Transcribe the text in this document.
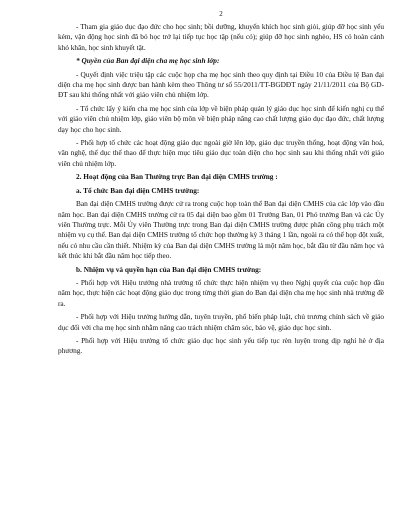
2

- Tham gia giáo dục đạo đức cho học sinh; bồi dưỡng, khuyến khích học sinh giỏi, giúp đỡ học sinh yếu kém, vận động học sinh đã bỏ học trở lại tiếp tục học tập (nếu có); giúp đỡ học sinh nghèo, HS có hoàn cảnh khó khăn, học sinh khuyết tật.

* Quyền của Ban đại diện cha mẹ học sinh lớp:

- Quyết định việc triệu tập các cuộc họp cha mẹ học sinh theo quy định tại Điều 10 của Điều lệ Ban đại diện cha mẹ học sinh được ban hành kèm theo Thông tư số 55/2011/TT-BGDĐT ngày 21/11/2011 của Bộ GD-ĐT sau khi thống nhất với giáo viên chủ nhiệm lớp.

- Tổ chức lấy ý kiến cha mẹ học sinh của lớp về biện pháp quản lý giáo dục học sinh để kiến nghị cụ thể với giáo viên chủ nhiệm lớp, giáo viên bộ môn về biện pháp nâng cao chất lượng giáo dục đạo đức, chất lượng dạy học cho học sinh.

- Phối hợp tổ chức các hoạt động giáo dục ngoài giờ lên lớp, giáo dục truyền thống, hoạt động văn hoá, văn nghệ, thể dục thể thao để thực hiện mục tiêu giáo dục toàn diện cho học sinh sau khi thống nhất với giáo viên chủ nhiệm lớp.

2. Hoạt động của Ban Thường trực Ban đại diện CMHS trường :

a. Tổ chức Ban đại diện CMHS trường:

Ban đại diện CMHS trường được cử ra trong cuộc họp toàn thể Ban đại diện CMHS của các lớp vào đầu năm học. Ban đại diện CMHS trường cử ra 05 đại diện bao gồm 01 Trưởng Ban, 01 Phó trưởng Ban và các Ủy viên Thường trực. Mỗi Ủy viên Thường trực trong Ban đại diện CMHS trường được phân công phụ trách một nhiệm vụ cụ thể. Ban đại diện CMHS trường tổ chức họp thường kỳ 3 tháng 1 lần, ngoài ra có thể họp đột xuất, nếu có nhu cầu cần thiết. Nhiệm kỳ của Ban đại diện CMHS trường là một năm học, bắt đầu từ đầu năm học và kết thúc khi bắt đầu năm học tiếp theo.

b. Nhiệm vụ và quyền hạn của Ban đại diện CMHS trường:

- Phối hợp với Hiệu trưởng nhà trường tổ chức thực hiện nhiệm vụ theo Nghị quyết của cuộc họp đầu năm học, thực hiện các hoạt động giáo dục trong từng thời gian do Ban đại diện cha mẹ học sinh nhà trường đề ra.

- Phối hợp với Hiệu trưởng hướng dẫn, tuyên truyền, phổ biến pháp luật, chủ trương chính sách về giáo dục đối với cha mẹ học sinh nhằm nâng cao trách nhiệm chăm sóc, bảo vệ, giáo dục học sinh.

- Phối hợp với Hiệu trưởng tổ chức giáo dục học sinh yếu tiếp tục rèn luyện trong dịp nghỉ hè ở địa phương.
